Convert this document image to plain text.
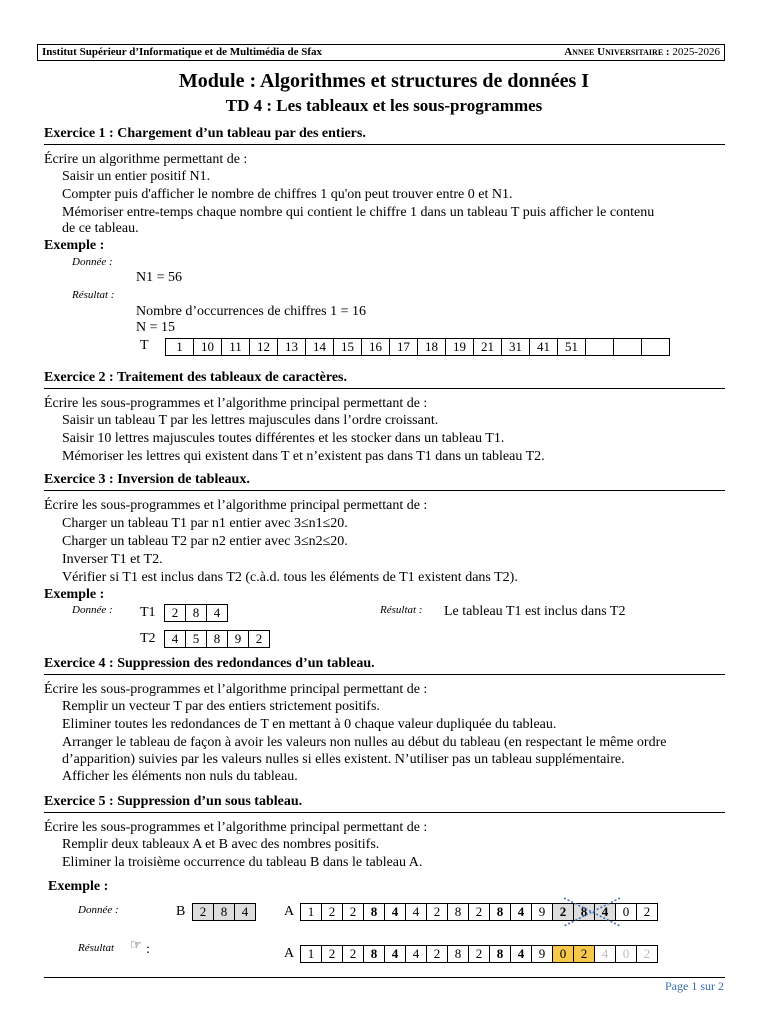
Institut Supérieur d’Informatique et de Multimédia de Sfax	Annee Universitaire : 2025-2026
Module : Algorithmes et structures de données I
TD 4 : Les tableaux et les sous-programmes
Exercice 1 : Chargement d’un tableau par des entiers.
Écrire un algorithme permettant de :
Saisir un entier positif N1.
Compter puis d'afficher le nombre de chiffres 1 qu'on peut trouver entre 0 et N1.
Mémoriser entre-temps chaque nombre qui contient le chiffre 1 dans un tableau T puis afficher le contenu
de ce tableau.
Exemple :
Donnée :
N1 = 56
Résultat :
Nombre d’occurrences de chiffres 1 = 16
N = 15
T 1	10	11	12	13	14	15	16	17	18	19	21	31	41	51			
Exercice 2 : Traitement des tableaux de caractères.
Écrire les sous-programmes et l’algorithme principal permettant de :
Saisir un tableau T par les lettres majuscules dans l’ordre croissant.
Saisir 10 lettres majuscules toutes différentes et les stocker dans un tableau T1.
Mémoriser les lettres qui existent dans T et n’existent pas dans T1 dans un tableau T2.
Exercice 3 : Inversion de tableaux.
Écrire les sous-programmes et l’algorithme principal permettant de :
Charger un tableau T1 par n1 entier avec 3≤n1≤20.
Charger un tableau T2 par n2 entier avec 3≤n2≤20.
Inverser T1 et T2.
Vérifier si T1 est inclus dans T2 (c.à.d. tous les éléments de T1 existent dans T2).
Exemple :
Donnée : T1 2	8	4	Résultat : Le tableau T1 est inclus dans T2
T2 4	5	8	9	2
Exercice 4 : Suppression des redondances d’un tableau.
Écrire les sous-programmes et l’algorithme principal permettant de :
Remplir un vecteur T par des entiers strictement positifs.
Eliminer toutes les redondances de T en mettant à 0 chaque valeur dupliquée du tableau.
Arranger le tableau de façon à avoir les valeurs non nulles au début du tableau (en respectant le même ordre
d’apparition) suivies par les valeurs nulles si elles existent. N’utiliser pas un tableau supplémentaire.
Afficher les éléments non nuls du tableau.
Exercice 5 : Suppression d’un sous tableau.
Écrire les sous-programmes et l’algorithme principal permettant de :
Remplir deux tableaux A et B avec des nombres positifs.
Eliminer la troisième occurrence du tableau B dans le tableau A.
Exemple :
Donnée :	B 2	8	4	A 1	2	2	8	4	4	2	8	2	8	4	9	2	8	4	0	2
Résultat ☞ :	A 1	2	2	8	4	4	2	8	2	8	4	9	0	2	4	0	2
Page 1 sur 2
